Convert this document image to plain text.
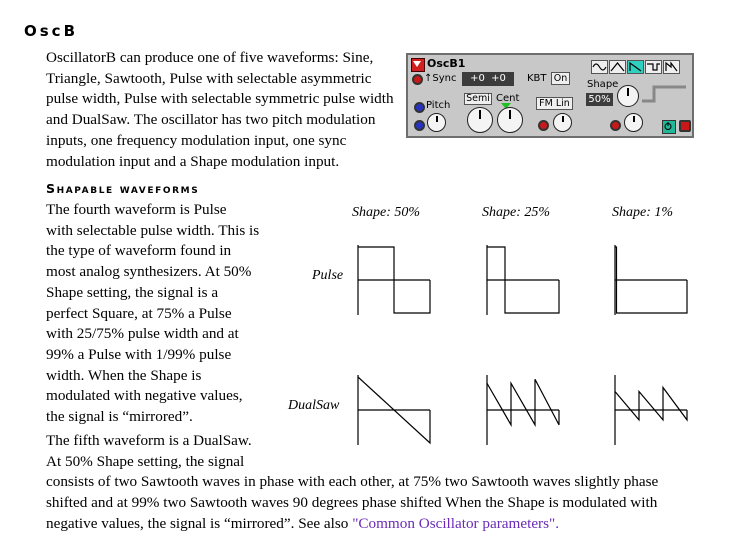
OscB
OscillatorB can produce one of five waveforms: Sine,
Triangle, Sawtooth, Pulse with selectable asymmetric
pulse width, Pulse with selectable symmetric pulse width
and DualSaw. The oscillator has two pitch modulation
inputs, one frequency modulation input, one sync
modulation input and a Shape modulation input.
OscB1
↑Sync	+0 +0	KBT On
Semi Cent
Shape
50%
Pitch	FM Lin
Shapable waveforms
The fourth waveform is Pulse
with selectable pulse width. This is
the type of waveform found in
most analog synthesizers. At 50%
Shape setting, the signal is a
perfect Square, at 75% a Pulse
with 25/75% pulse width and at
99% a Pulse with 1/99% pulse
width. When the Shape is
modulated with negative values,
the signal is “mirrored”.
The fifth waveform is a DualSaw.
At 50% Shape setting, the signal
consists of two Sawtooth waves in phase with each other, at 75% two Sawtooth waves slightly phase
shifted and at 99% two Sawtooth waves 90 degrees phase shifted When the Shape is modulated with
negative values, the signal is “mirrored”. See also "Common Oscillator parameters".
Shape: 50%	Shape: 25%	Shape: 1%
Pulse
DualSaw
